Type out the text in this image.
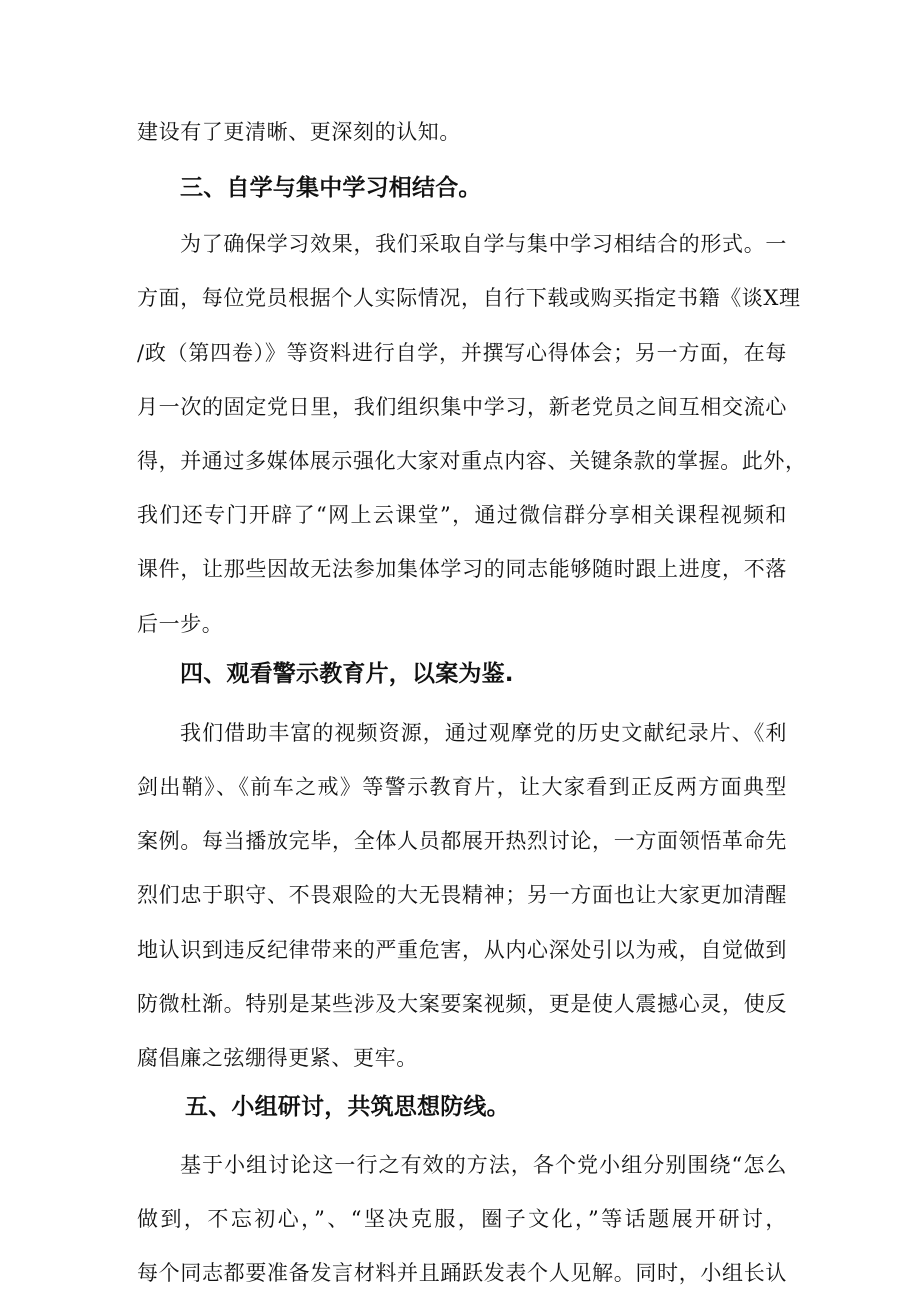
建设有了更清晰、更深刻的认知。

三、自学与集中学习相结合。

为了确保学习效果，我们采取自学与集中学习相结合的形式。一

方面，每位党员根据个人实际情况，自行下载或购买指定书籍《谈X理

/政（第四卷）》等资料进行自学，并撰写心得体会；另一方面，在每

月一次的固定党日里，我们组织集中学习，新老党员之间互相交流心

得，并通过多媒体展示强化大家对重点内容、关键条款的掌握。此外，

我们还专门开辟了“网上云课堂”，通过微信群分享相关课程视频和

课件，让那些因故无法参加集体学习的同志能够随时跟上进度，不落

后一步。

四、观看警示教育片，以案为鉴.

我们借助丰富的视频资源，通过观摩党的历史文献纪录片、《利

剑出鞘》、《前车之戒》等警示教育片，让大家看到正反两方面典型

案例。每当播放完毕，全体人员都展开热烈讨论，一方面领悟革命先

烈们忠于职守、不畏艰险的大无畏精神；另一方面也让大家更加清醒

地认识到违反纪律带来的严重危害，从内心深处引以为戒，自觉做到

防微杜渐。特别是某些涉及大案要案视频，更是使人震撼心灵，使反

腐倡廉之弦绷得更紧、更牢。

五、小组研讨，共筑思想防线。

基于小组讨论这一行之有效的方法，各个党小组分别围绕“怎么

做到，不忘初心，”、“坚决克服，圈子文化，”等话题展开研讨，

每个同志都要准备发言材料并且踊跃发表个人见解。同时，小组长认
